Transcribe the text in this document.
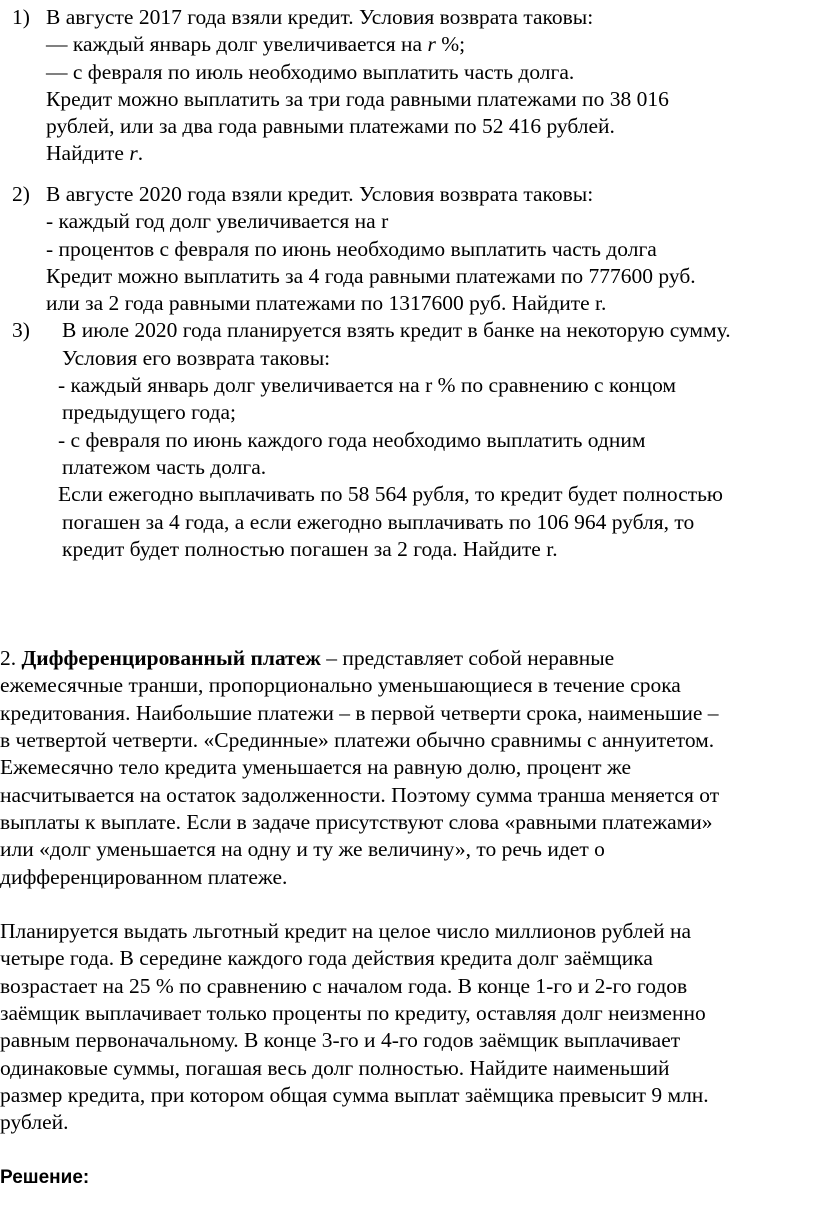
1) В августе 2017 года взяли кредит. Условия возврата таковы:
— каждый январь долг увеличивается на r %;
— с февраля по июль необходимо выплатить часть долга.
Кредит можно выплатить за три года равными платежами по 38 016
рублей, или за два года равными платежами по 52 416 рублей.
Найдите r.
2) В августе 2020 года взяли кредит. Условия возврата таковы:
- каждый год долг увеличивается на r
- процентов с февраля по июнь необходимо выплатить часть долга
Кредит можно выплатить за 4 года равными платежами по 777600 руб.
или за 2 года равными платежами по 1317600 руб. Найдите r.
3) В июле 2020 года планируется взять кредит в банке на некоторую сумму.
Условия его возврата таковы:
- каждый январь долг увеличивается на r % по сравнению с концом
предыдущего года;
- с февраля по июнь каждого года необходимо выплатить одним
платежом часть долга.
Если ежегодно выплачивать по 58 564 рубля, то кредит будет полностью
погашен за 4 года, а если ежегодно выплачивать по 106 964 рубля, то
кредит будет полностью погашен за 2 года. Найдите r.
2. Дифференцированный платеж – представляет собой неравные
ежемесячные транши, пропорционально уменьшающиеся в течение срока
кредитования. Наибольшие платежи – в первой четверти срока, наименьшие –
в четвертой четверти. «Срединные» платежи обычно сравнимы с аннуитетом.
Ежемесячно тело кредита уменьшается на равную долю, процент же
насчитывается на остаток задолженности. Поэтому сумма транша меняется от
выплаты к выплате. Если в задаче присутствуют слова «равными платежами»
или «долг уменьшается на одну и ту же величину», то речь идет о
дифференцированном платеже.
Планируется выдать льготный кредит на целое число миллионов рублей на
четыре года. В середине каждого года действия кредита долг заёмщика
возрастает на 25 % по сравнению с началом года. В конце 1-го и 2-го годов
заёмщик выплачивает только проценты по кредиту, оставляя долг неизменно
равным первоначальному. В конце 3-го и 4-го годов заёмщик выплачивает
одинаковые суммы, погашая весь долг полностью. Найдите наименьший
размер кредита, при котором общая сумма выплат заёмщика превысит 9 млн.
рублей.
Решение:
